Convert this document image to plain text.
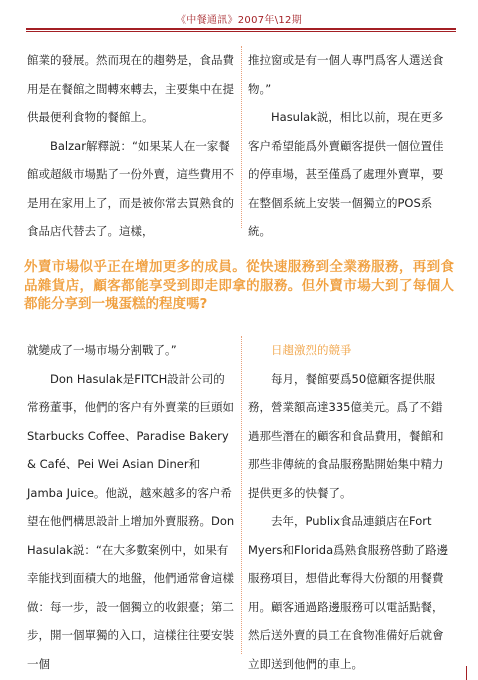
《中餐通訊》2007年\12期

館業的發展。然而現在的趨勢是，食品費用是在餐館之間轉來轉去，主要集中在提供最便利食物的餐館上。

Balzar解釋説：“如果某人在一家餐館或超級市場點了一份外賣，這些費用不是用在家用上了，而是被你常去買熟食的食品店代替去了。這樣，

推拉窗或是有一個人專門爲客人選送食物。”

Hasulak説，相比以前，現在更多客户希望能爲外賣顧客提供一個位置佳的停車場，甚至僅爲了處理外賣單，要在整個系統上安裝一個獨立的POS系統。

外賣市場似乎正在增加更多的成員。從快速服務到全業務服務，再到食品雜貨店，顧客都能享受到即走即拿的服務。但外賣市場大到了每個人都能分享到一塊蛋糕的程度嗎?

就變成了一場市場分割戰了。”

Don Hasulak是FITCH設計公司的常務董事，他們的客户有外賣業的巨頭如Starbucks Coffee、Paradise Bakery & Café、Pei Wei Asian Diner和Jamba Juice。他説，越來越多的客户希望在他們構思設計上增加外賣服務。Don Hasulak説：“在大多數案例中，如果有幸能找到面積大的地盤，他們通常會這樣做：每一步，設一個獨立的收銀臺；第二步，開一個單獨的入口，這樣往往要安裝一個

日趨激烈的競爭

每月，餐館要爲50億顧客提供服務，營業額高達335億美元。爲了不錯過那些潛在的顧客和食品費用，餐館和那些非傳統的食品服務點開始集中精力提供更多的快餐了。

去年，Publix食品連鎖店在Fort Myers和Florida爲熟食服務啓動了路邊服務項目，想借此奪得大份額的用餐費用。顧客通過路邊服務可以電話點餐，然后送外賣的員工在食物准備好后就會立即送到他們的車上。
